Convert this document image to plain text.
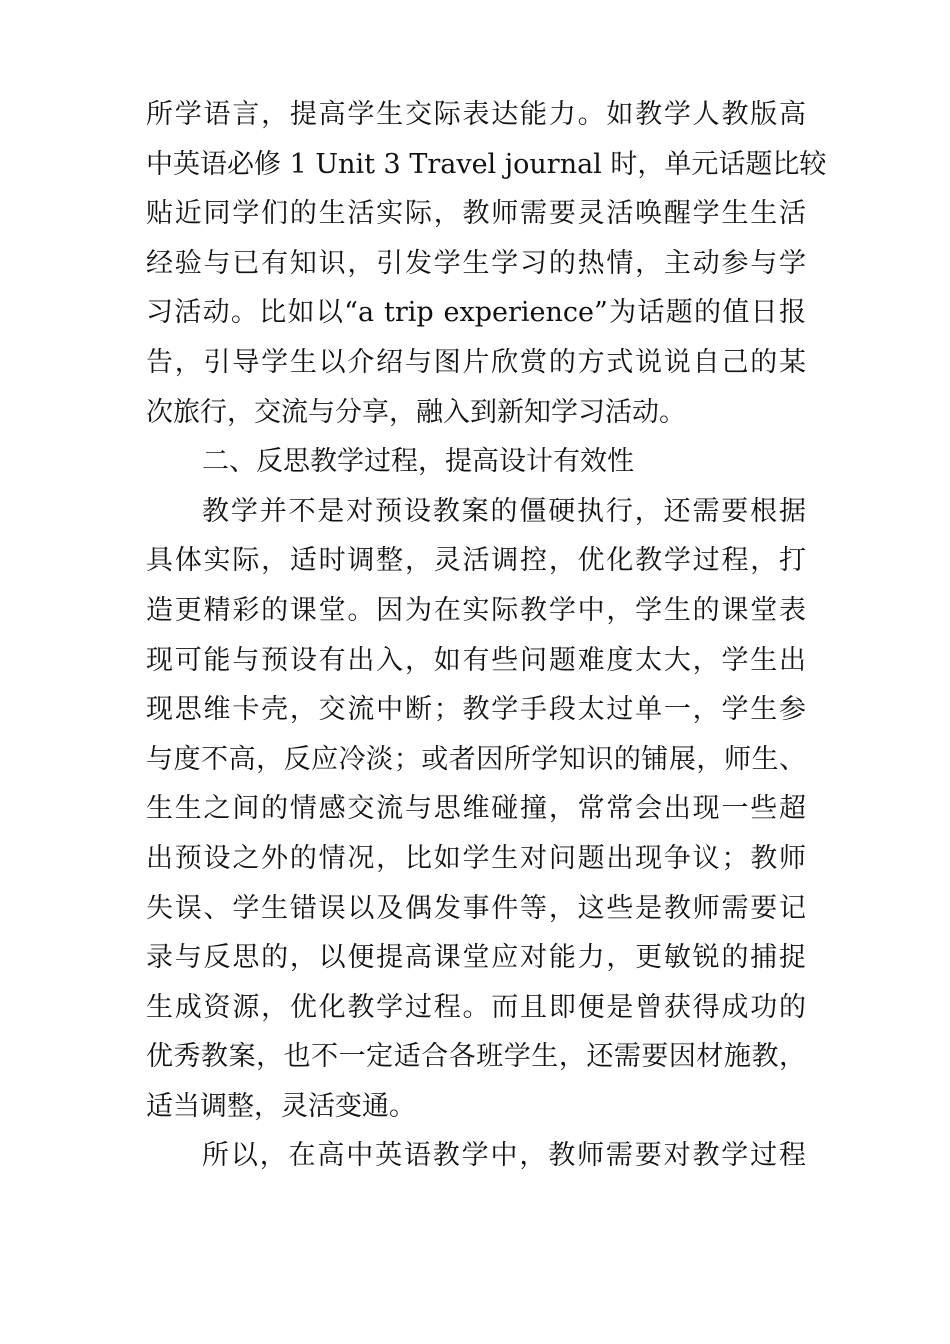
所学语言，提高学生交际表达能力。如教学人教版高
中英语必修 1 Unit 3 Travel journal 时，单元话题比较
贴近同学们的生活实际，教师需要灵活唤醒学生生活
经验与已有知识，引发学生学习的热情，主动参与学
习活动。比如以“a trip experience”为话题的值日报
告，引导学生以介绍与图片欣赏的方式说说自己的某
次旅行，交流与分享，融入到新知学习活动。
二、反思教学过程，提高设计有效性
教学并不是对预设教案的僵硬执行，还需要根据
具体实际，适时调整，灵活调控，优化教学过程，打
造更精彩的课堂。因为在实际教学中，学生的课堂表
现可能与预设有出入，如有些问题难度太大，学生出
现思维卡壳，交流中断；教学手段太过单一，学生参
与度不高，反应冷淡；或者因所学知识的铺展，师生、
生生之间的情感交流与思维碰撞，常常会出现一些超
出预设之外的情况，比如学生对问题出现争议；教师
失误、学生错误以及偶发事件等，这些是教师需要记
录与反思的，以便提高课堂应对能力，更敏锐的捕捉
生成资源，优化教学过程。而且即便是曾获得成功的
优秀教案，也不一定适合各班学生，还需要因材施教，
适当调整，灵活变通。
所以，在高中英语教学中，教师需要对教学过程
